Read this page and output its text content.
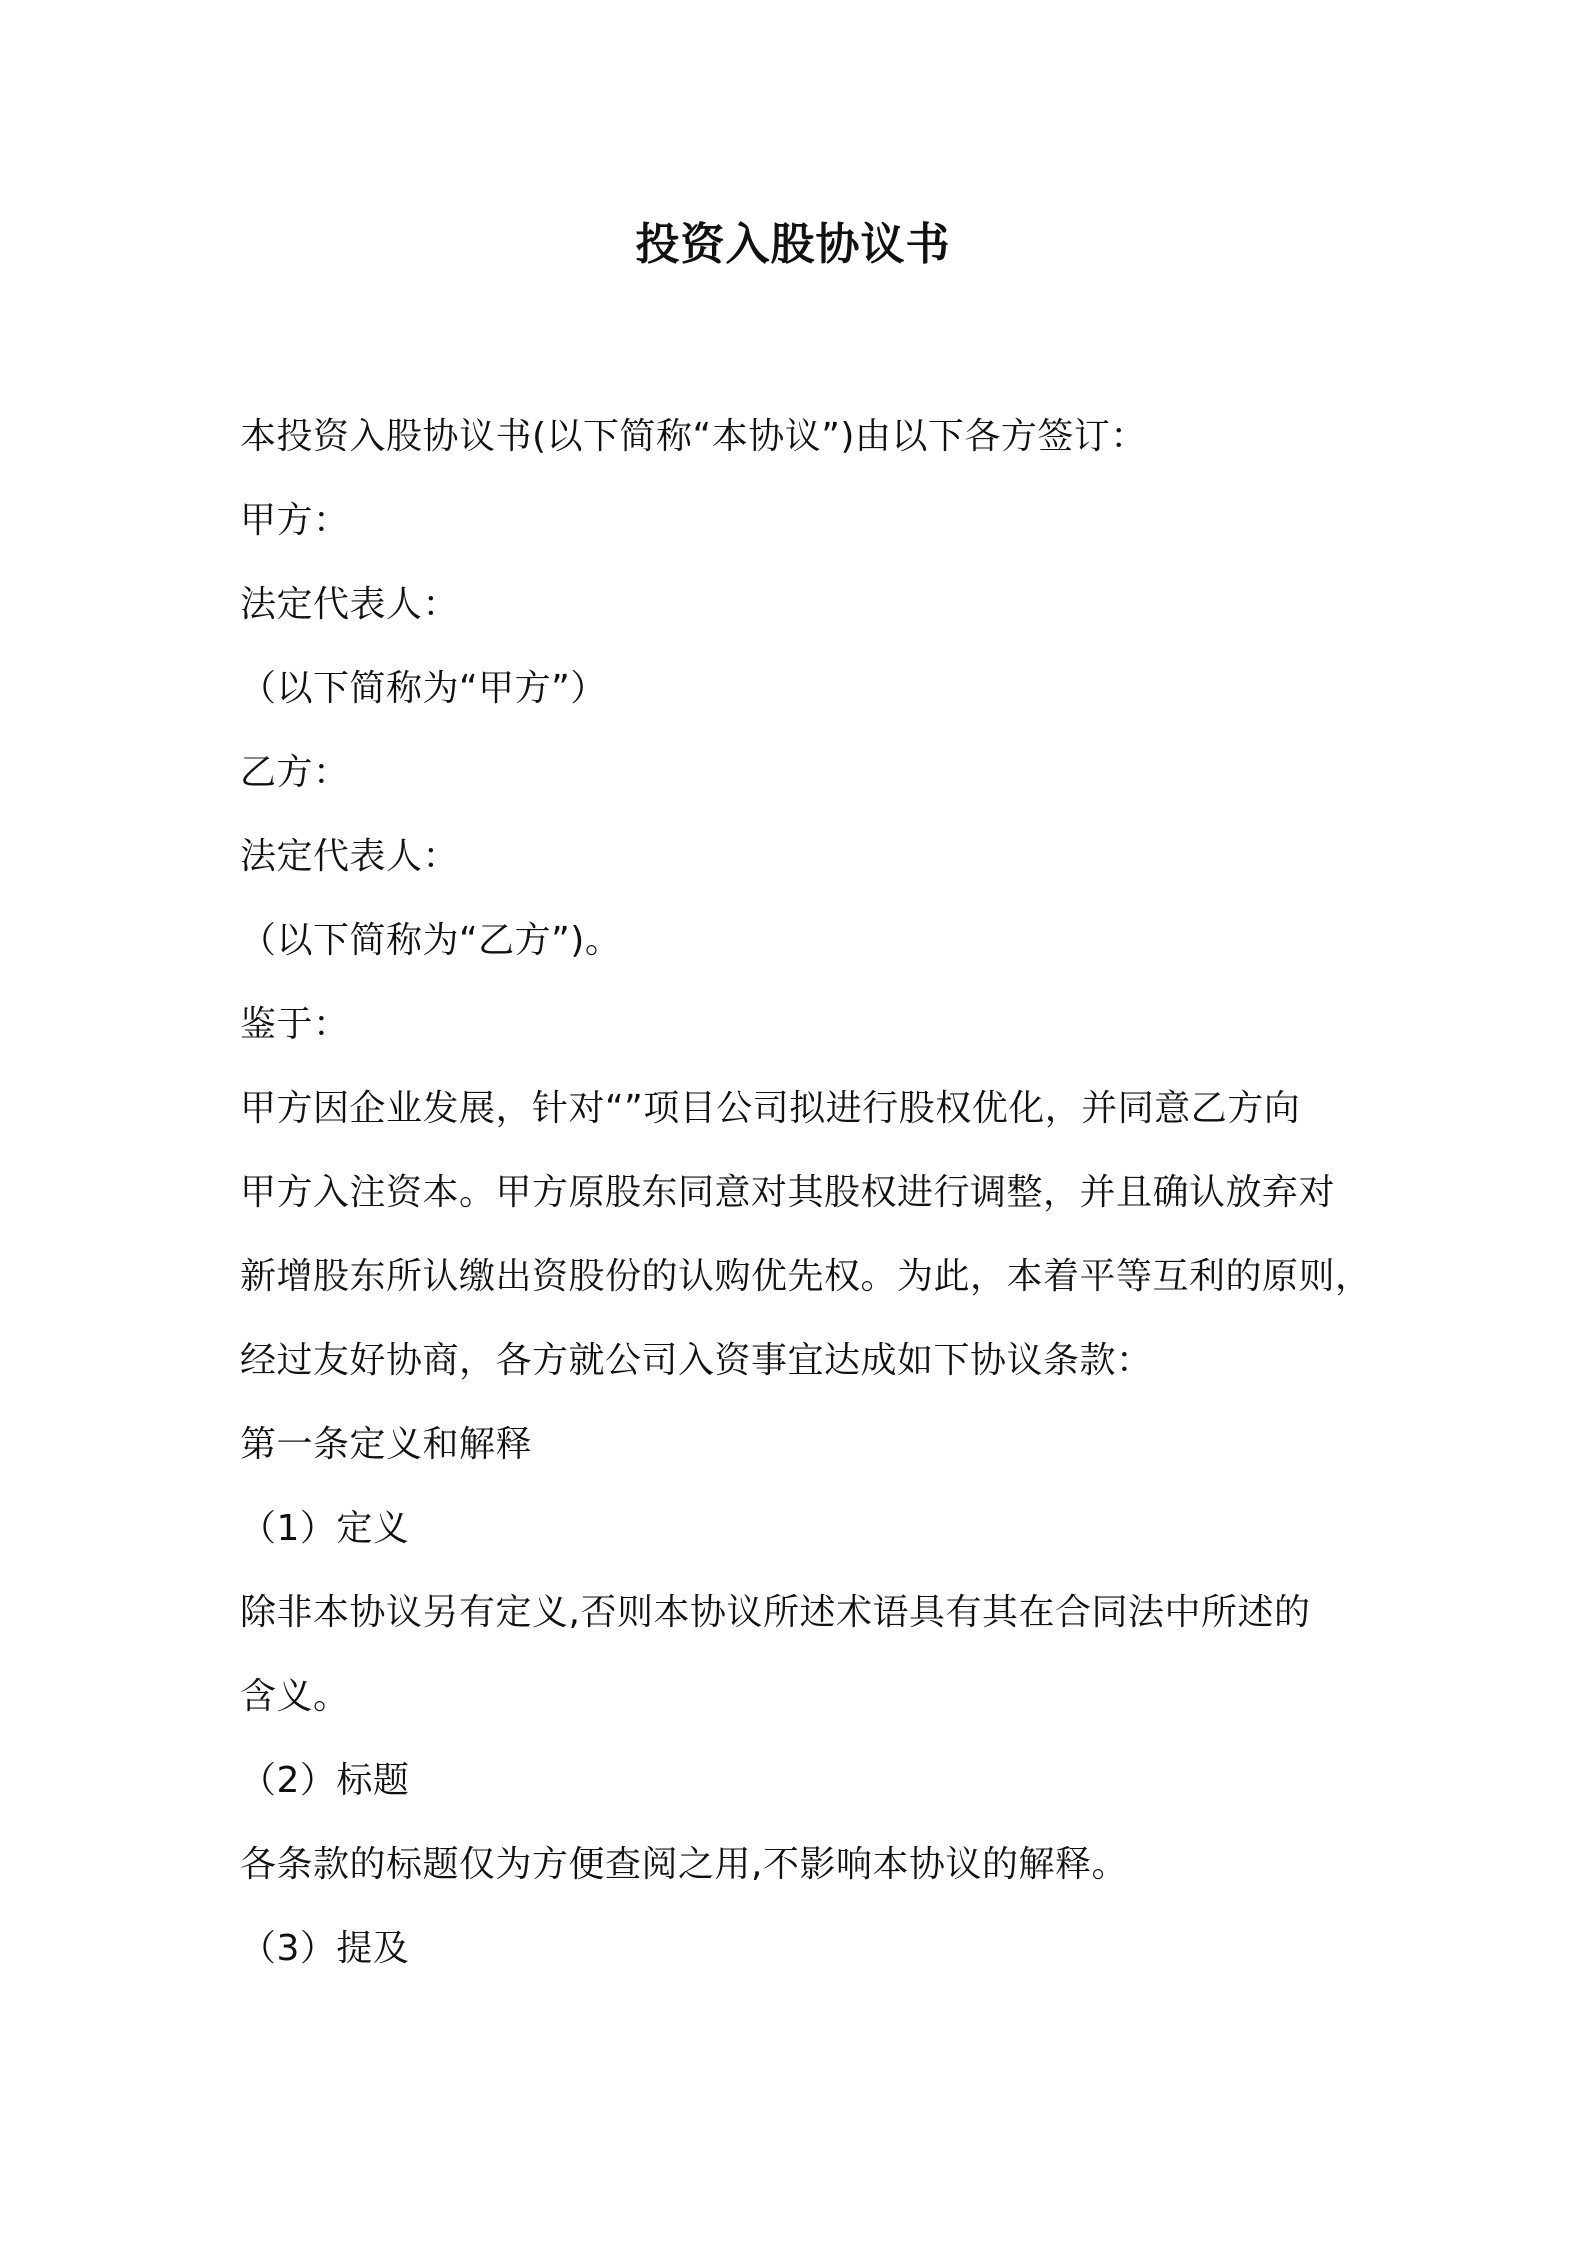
投资入股协议书
本投资入股协议书(以下简称“本协议”)由以下各方签订：
甲方：
法定代表人：
（以下简称为“甲方”）
乙方：
法定代表人：
（以下简称为“乙方”)。
鉴于：
甲方因企业发展，针对“”项目公司拟进行股权优化，并同意乙方向
甲方入注资本。甲方原股东同意对其股权进行调整，并且确认放弃对
新增股东所认缴出资股份的认购优先权。为此，本着平等互利的原则，
经过友好协商，各方就公司入资事宜达成如下协议条款：
第一条定义和解释
（1）定义
除非本协议另有定义,否则本协议所述术语具有其在合同法中所述的
含义。
（2）标题
各条款的标题仅为方便查阅之用,不影响本协议的解释。
（3）提及
